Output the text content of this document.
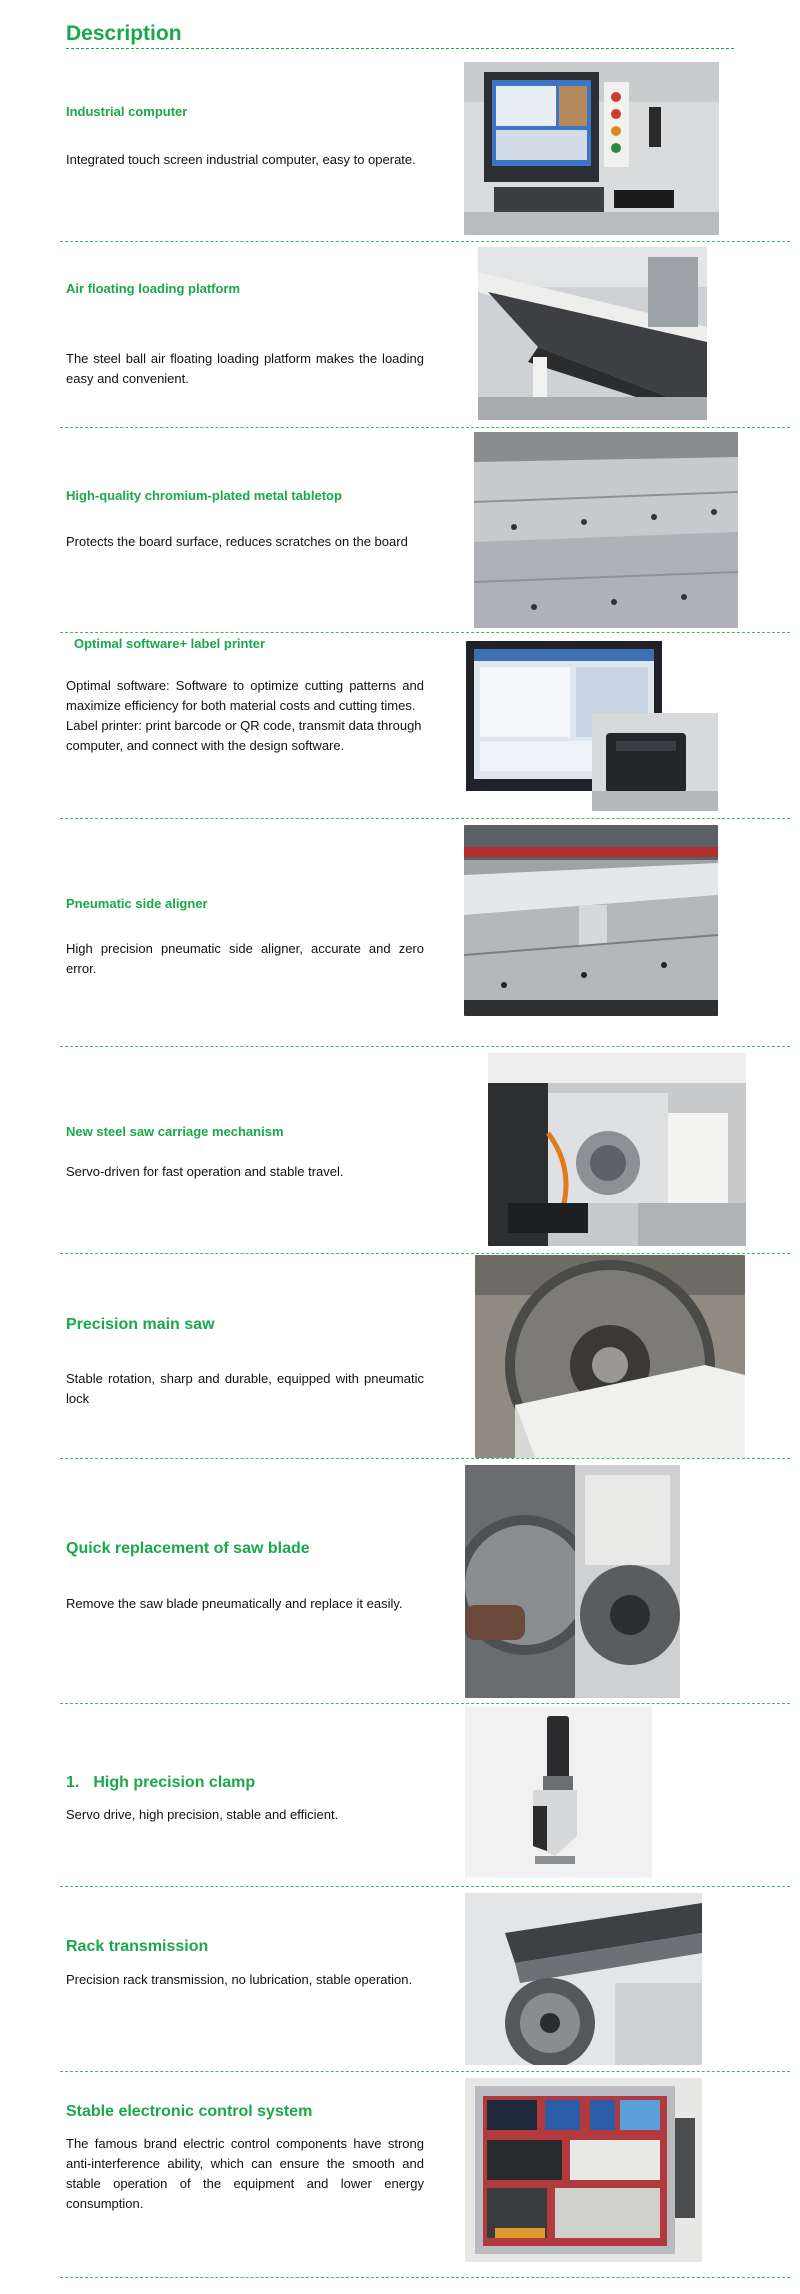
Description
Industrial computer
Integrated touch screen industrial computer, easy to operate.
Air floating loading platform
The steel ball air floating loading platform makes the loading easy and convenient.
High-quality chromium-plated metal tabletop
Protects the board surface, reduces scratches on the board
Optimal software+ label printer
Optimal software: Software to optimize cutting patterns and maximize efficiency for both material costs and cutting times.
Label printer: print barcode or QR code, transmit data through computer, and connect with the design software.
Pneumatic side aligner
High precision pneumatic side aligner, accurate and zero error.
New steel saw carriage mechanism
Servo-driven for fast operation and stable travel.
Precision main saw
Stable rotation, sharp and durable, equipped with pneumatic lock
Quick replacement of saw blade
Remove the saw blade pneumatically and replace it easily.
1. High precision clamp
Servo drive, high precision, stable and efficient.
Rack transmission
Precision rack transmission, no lubrication, stable operation.
Stable electronic control system
The famous brand electric control components have strong anti-interference ability, which can ensure the smooth and stable operation of the equipment and lower energy consumption.
